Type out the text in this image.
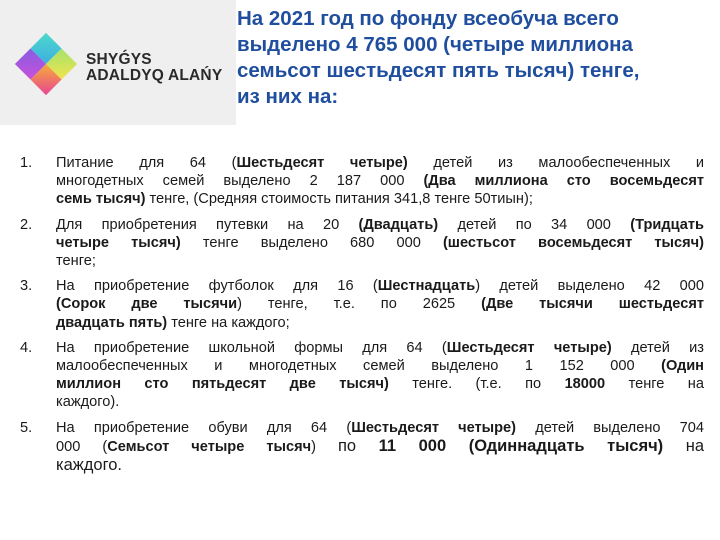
SHYǴYS
ADALDYQ ALAŃY
На 2021 год по фонду всеобуча всего
выделено 4 765 000 (четыре миллиона
семьсот шестьдесят пять тысяч) тенге,
из них на:
1. Питание для 64 (Шестьдесят четыре) детей из малообеспеченных и
многодетных семей выделено 2 187 000 (Два миллиона сто восемьдесят
семь тысяч) тенге, (Средняя стоимость питания 341,8 тенге 50тиын);
2. Для приобретения путевки на 20 (Двадцать) детей по 34 000 (Тридцать
четыре тысяч) тенге выделено 680 000 (шестьсот восемьдесят тысяч)
тенге;
3. На приобретение футболок для 16 (Шестнадцать) детей выделено 42 000
(Сорок две тысячи) тенге, т.е. по 2625 (Две тысячи шестьдесят
двадцать пять) тенге на каждого;
4. На приобретение школьной формы для 64 (Шестьдесят четыре) детей из
малообеспеченных и многодетных семей выделено 1 152 000 (Один
миллион сто пятьдесят две тысяч) тенге. (т.е. по 18000 тенге на
каждого).
5. На приобретение обуви для 64 (Шестьдесят четыре) детей выделено 704
000 (Семьсот четыре тысяч) по 11 000 (Одиннадцать тысяч) на
каждого.
